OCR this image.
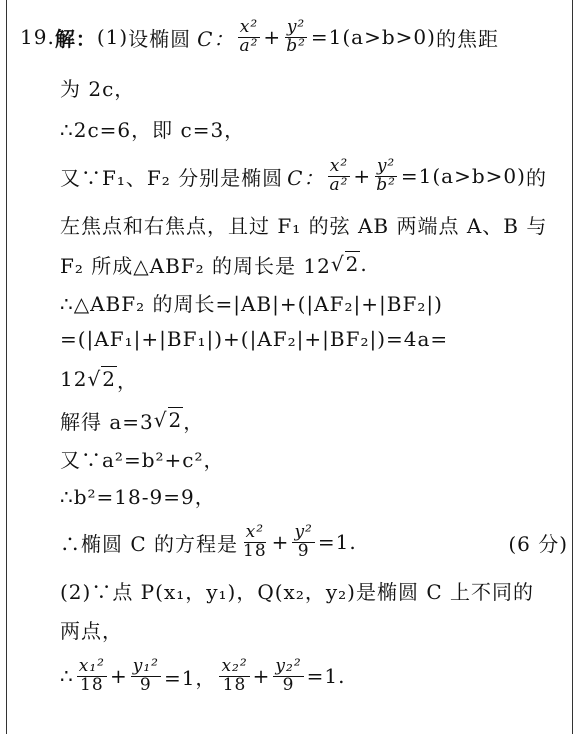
19. 解： (1) 设椭圆 C： $\frac{\text{x²}}{\text{a²}} + \frac{\text{y²}}{\text{b²}} =1(a>b>0)$ 的焦距
为 2c，
∴2c=6，即 c=3，
又∵F₁、F₂ 分别是椭圆 C： $\frac{\text{x²}}{\text{a²}} + \frac{\text{y²}}{\text{b²}} =1(a>b>0)$ 的
左焦点和右焦点，且过 F₁ 的弦 AB 两端点 A、B 与
F₂ 所成△ABF₂ 的周长是 12 √2 .
∴△ABF₂ 的周长=|AB|+(|AF₂|+|BF₂|)
=(|AF₁|+|BF₁|)+(|AF₂|+|BF₂|)=4a=
12 √2 ，
解得 a=3 √2 ，
又∵a²=b²+c²，
∴b²=18-9=9，
∴椭圆 C 的方程是 $\frac{\text{x²}}{18} + \frac{\text{y²}}{9} =1$.	(6 分)
(2)∵点 P(x₁，y₁)，Q(x₂，y₂)是椭圆 C 上不同的
两点，
∴ $\frac{\text{x₁²}}{18} + \frac{\text{y₁²}}{9} =1$， $\frac{\text{x₂²}}{18} + \frac{\text{y₂²}}{9} =1$.
